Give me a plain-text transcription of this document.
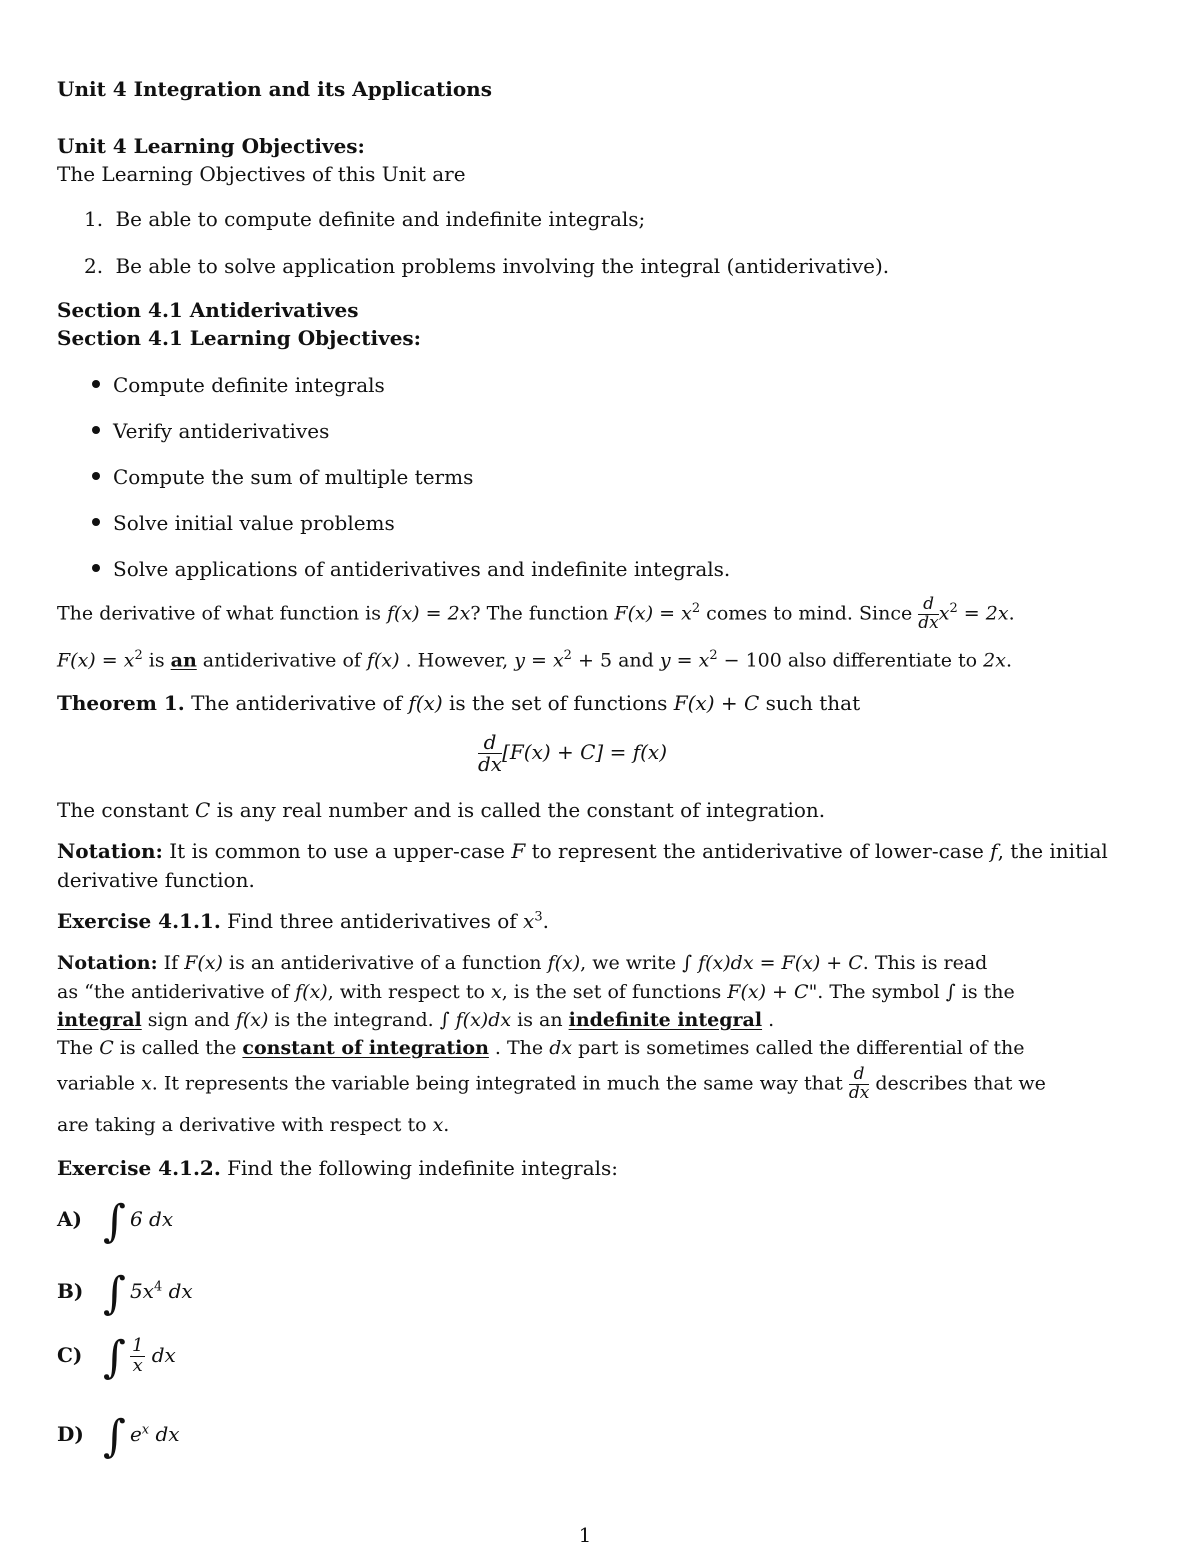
Unit 4 Integration and its Applications
Unit 4 Learning Objectives:
The Learning Objectives of this Unit are
1. Be able to compute definite and indefinite integrals;
2. Be able to solve application problems involving the integral (antiderivative).
Section 4.1 Antiderivatives
Section 4.1 Learning Objectives:
Compute definite integrals
Verify antiderivatives
Compute the sum of multiple terms
Solve initial value problems
Solve applications of antiderivatives and indefinite integrals.
The derivative of what function is f(x) = 2x? The function $F(x) = x^2$ comes to mind. Since $\frac{d}{dx} x^2 = 2x$.
$F(x) = x^2$ is an antiderivative of f(x) . However, $y = x^2 + 5$ and $y = x^2 - 100$ also differentiate to 2x.
Theorem 1. The antiderivative of f(x) is the set of functions F(x) + C such that
$\frac{d}{dx} [F(x) + C] = f(x)$
The constant C is any real number and is called the constant of integration.
Notation: It is common to use a upper-case F to represent the antiderivative of lower-case f, the initial
derivative function.
Exercise 4.1.1. Find three antiderivatives of $x^3$.
Notation: If F(x) is an antiderivative of a function f(x), we write ∫ f(x)dx = F(x) + C. This is read
as “the antiderivative of f(x), with respect to x, is the set of functions F(x) + C". The symbol ∫ is the
integral sign and f(x) is the integrand. ∫ f(x)dx is an indefinite integral .
The C is called the constant of integration . The dx part is sometimes called the differential of the
variable x. It represents the variable being integrated in much the same way that $\frac{d}{dx}$ describes that we
are taking a derivative with respect to x.
Exercise 4.1.2. Find the following indefinite integrals:
A) ∫ 6 dx
B) ∫ $5x^4$ dx
C) ∫ $\frac{1}{x}$ dx
D) ∫ $e^x$ dx
1
